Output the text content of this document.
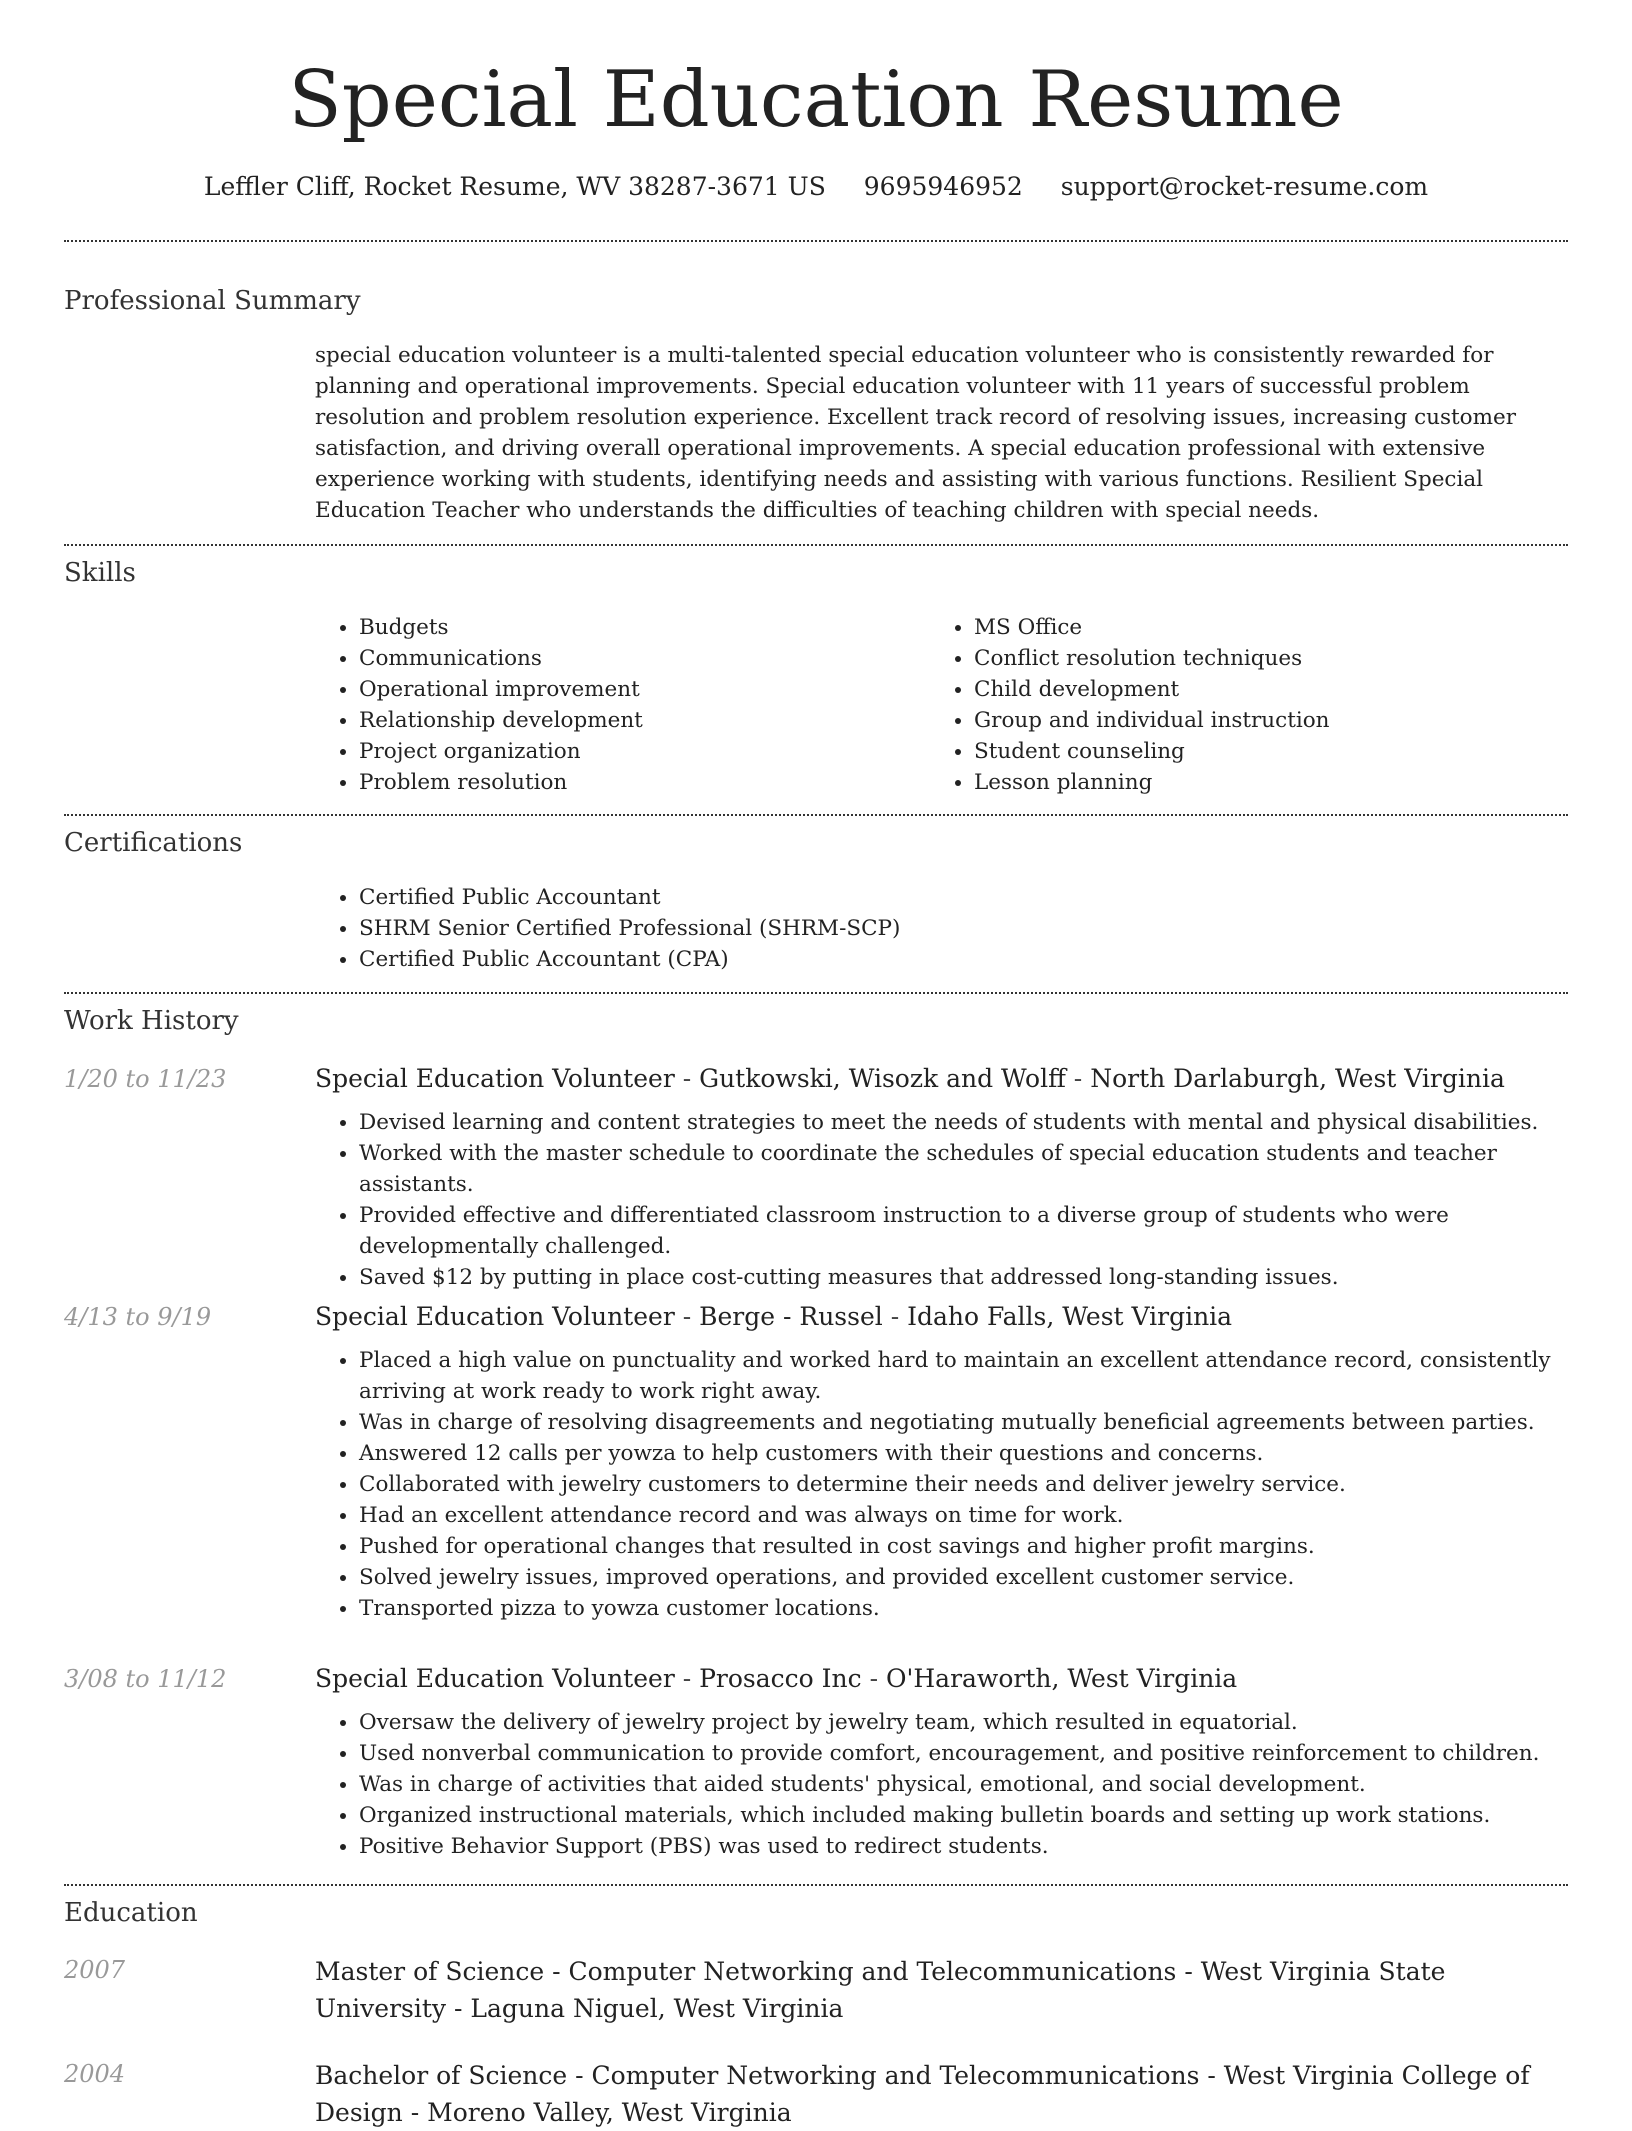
Special Education Resume
Leffler Cliff, Rocket Resume, WV 38287-3671 US 9695946952 support@rocket-resume.com
Professional Summary

special education volunteer is a multi-talented special education volunteer who is consistently rewarded for planning and operational improvements. Special education volunteer with 11 years of successful problem resolution and problem resolution experience. Excellent track record of resolving issues, increasing customer satisfaction, and driving overall operational improvements. A special education professional with extensive experience working with students, identifying needs and assisting with various functions. Resilient Special Education Teacher who understands the difficulties of teaching children with special needs.

Skills
• Budgets
• Communications
• Operational improvement
• Relationship development
• Project organization
• Problem resolution
• MS Office
• Conflict resolution techniques
• Child development
• Group and individual instruction
• Student counseling
• Lesson planning
Certifications
• Certified Public Accountant
• SHRM Senior Certified Professional (SHRM-SCP)
• Certified Public Accountant (CPA)
Work History
1/20 to 11/23	Special Education Volunteer - Gutkowski, Wisozk and Wolff - North Darlaburgh, West Virginia
• Devised learning and content strategies to meet the needs of students with mental and physical disabilities.
• Worked with the master schedule to coordinate the schedules of special education students and teacher assistants.
• Provided effective and differentiated classroom instruction to a diverse group of students who were developmentally challenged.
• Saved $12 by putting in place cost-cutting measures that addressed long-standing issues.
4/13 to 9/19	Special Education Volunteer - Berge - Russel - Idaho Falls, West Virginia
• Placed a high value on punctuality and worked hard to maintain an excellent attendance record, consistently arriving at work ready to work right away.
• Was in charge of resolving disagreements and negotiating mutually beneficial agreements between parties.
• Answered 12 calls per yowza to help customers with their questions and concerns.
• Collaborated with jewelry customers to determine their needs and deliver jewelry service.
• Had an excellent attendance record and was always on time for work.
• Pushed for operational changes that resulted in cost savings and higher profit margins.
• Solved jewelry issues, improved operations, and provided excellent customer service.
• Transported pizza to yowza customer locations.
3/08 to 11/12	Special Education Volunteer - Prosacco Inc - O'Haraworth, West Virginia
• Oversaw the delivery of jewelry project by jewelry team, which resulted in equatorial.
• Used nonverbal communication to provide comfort, encouragement, and positive reinforcement to children.
• Was in charge of activities that aided students' physical, emotional, and social development.
• Organized instructional materials, which included making bulletin boards and setting up work stations.
• Positive Behavior Support (PBS) was used to redirect students.
Education
2007	Master of Science - Computer Networking and Telecommunications - West Virginia State University - Laguna Niguel, West Virginia
2004	Bachelor of Science - Computer Networking and Telecommunications - West Virginia College of Design - Moreno Valley, West Virginia
